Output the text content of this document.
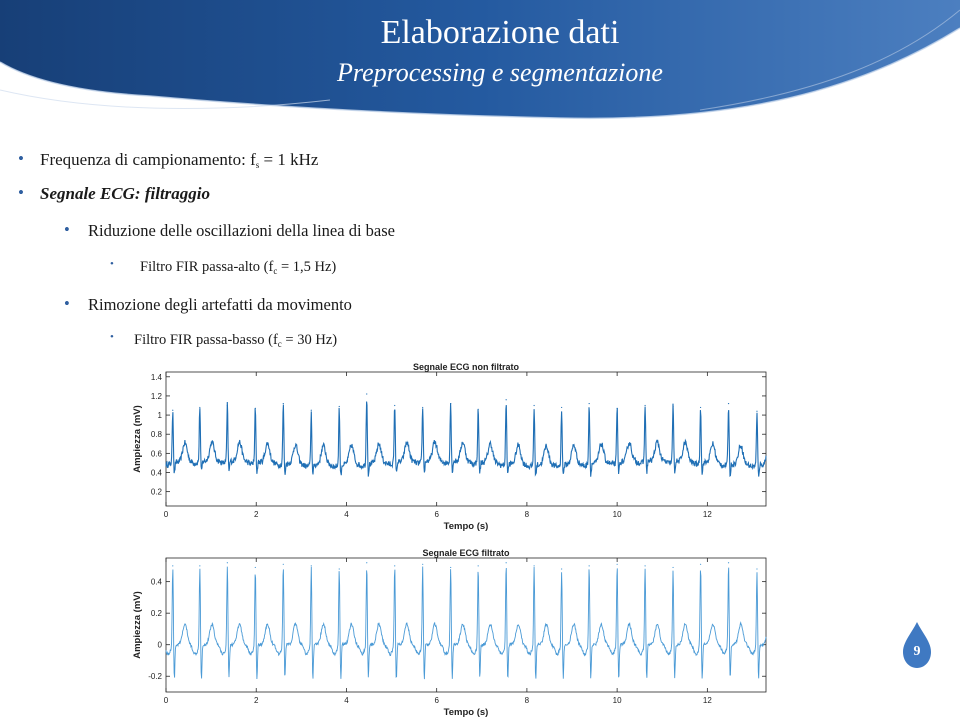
Elaborazione dati
Preprocessing e segmentazione
• Frequenza di campionamento: $f_s = 1$ kHz
• Segnale ECG: filtraggio
• Riduzione delle oscillazioni della linea di base
• Filtro FIR passa-alto ($f_c = 1,5$ Hz)
• Rimozione degli artefatti da movimento
• Filtro FIR passa-basso ($f_c = 30$ Hz)
Segnale ECG non filtrato
0.2
0.4
0.6
0.8
1
1.2
1.4
0	2	4	6	8	10	12
Tempo (s)
Ampiezza (mV)
Segnale ECG filtrato
-0.2
0
0.2
0.4
0	2	4	6	8	10	12
Tempo (s)
Ampiezza (mV)	9
